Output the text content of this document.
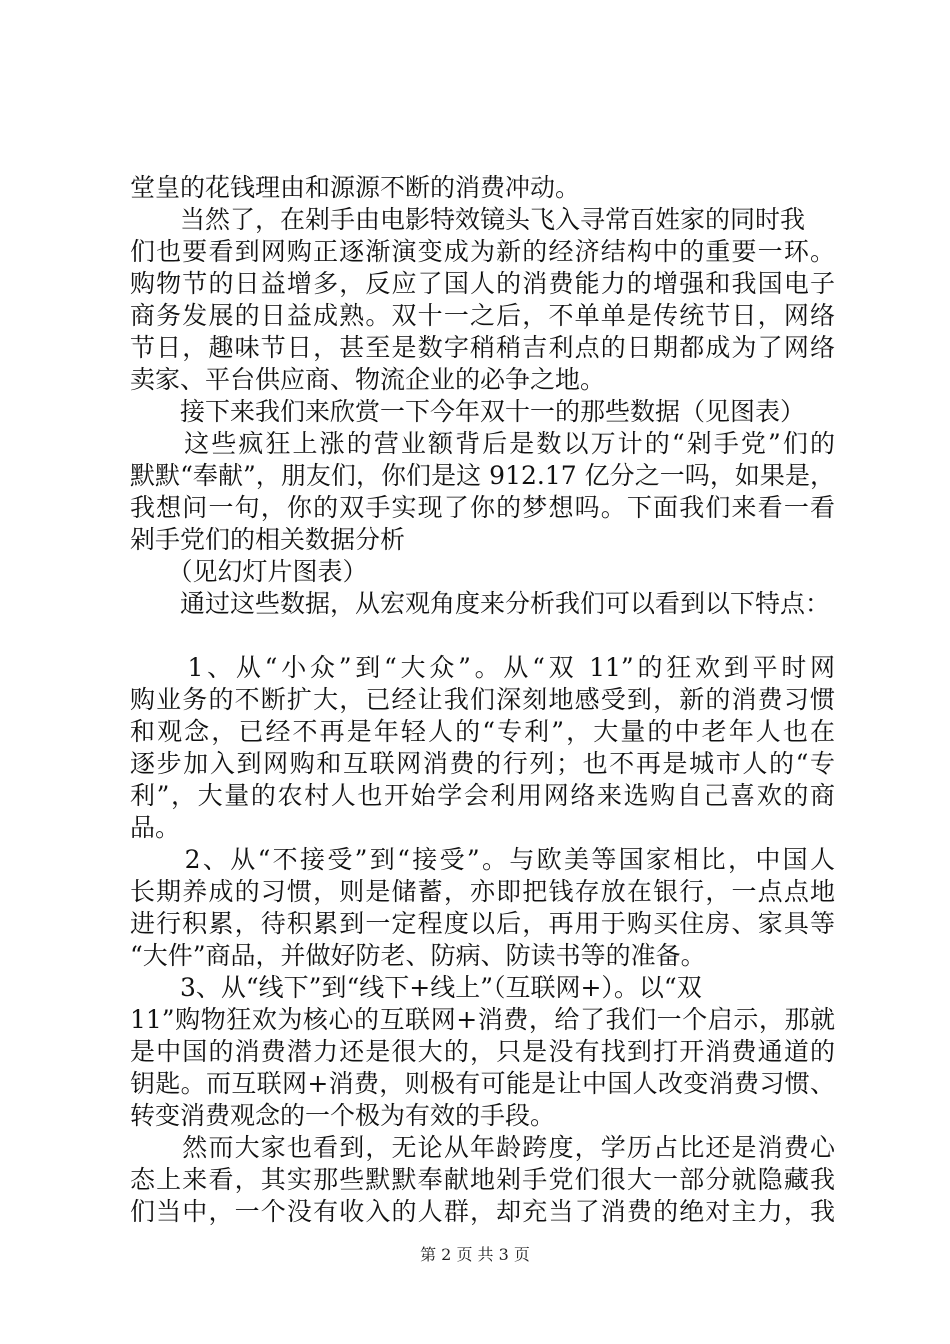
堂皇的花钱理由和源源不断的消费冲动。
　　当然了，在剁手由电影特效镜头飞入寻常百姓家的同时我
们也要看到网购正逐渐演变成为新的经济结构中的重要一环。
购物节的日益增多，反应了国人的消费能力的增强和我国电子
商务发展的日益成熟。双十一之后，不单单是传统节日，网络
节日，趣味节日，甚至是数字稍稍吉利点的日期都成为了网络
卖家、平台供应商、物流企业的必争之地。
　　接下来我们来欣赏一下今年双十一的那些数据（见图表）
　　这些疯狂上涨的营业额背后是数以万计的“剁手党”们的
默默“奉献”，朋友们，你们是这 912.17 亿分之一吗，如果是，
我想问一句，你的双手实现了你的梦想吗。下面我们来看一看
剁手党们的相关数据分析
　　（见幻灯片图表）
　　通过这些数据，从宏观角度来分析我们可以看到以下特点：
　　1、从“小众”到“大众”。从“双 11”的狂欢到平时网
购业务的不断扩大，已经让我们深刻地感受到，新的消费习惯
和观念，已经不再是年轻人的“专利”，大量的中老年人也在
逐步加入到网购和互联网消费的行列；也不再是城市人的“专
利”，大量的农村人也开始学会利用网络来选购自己喜欢的商
品。
　　2、从“不接受”到“接受”。与欧美等国家相比，中国人
长期养成的习惯，则是储蓄，亦即把钱存放在银行，一点点地
进行积累，待积累到一定程度以后，再用于购买住房、家具等
“大件”商品，并做好防老、防病、防读书等的准备。
　　3、从“线下”到“线下+线上”（互联网+）。以“双
11”购物狂欢为核心的互联网+消费，给了我们一个启示，那就
是中国的消费潜力还是很大的，只是没有找到打开消费通道的
钥匙。而互联网+消费，则极有可能是让中国人改变消费习惯、
转变消费观念的一个极为有效的手段。
　　然而大家也看到，无论从年龄跨度，学历占比还是消费心
态上来看，其实那些默默奉献地剁手党们很大一部分就隐藏我
们当中，一个没有收入的人群，却充当了消费的绝对主力，我
第 2 页 共 3 页
